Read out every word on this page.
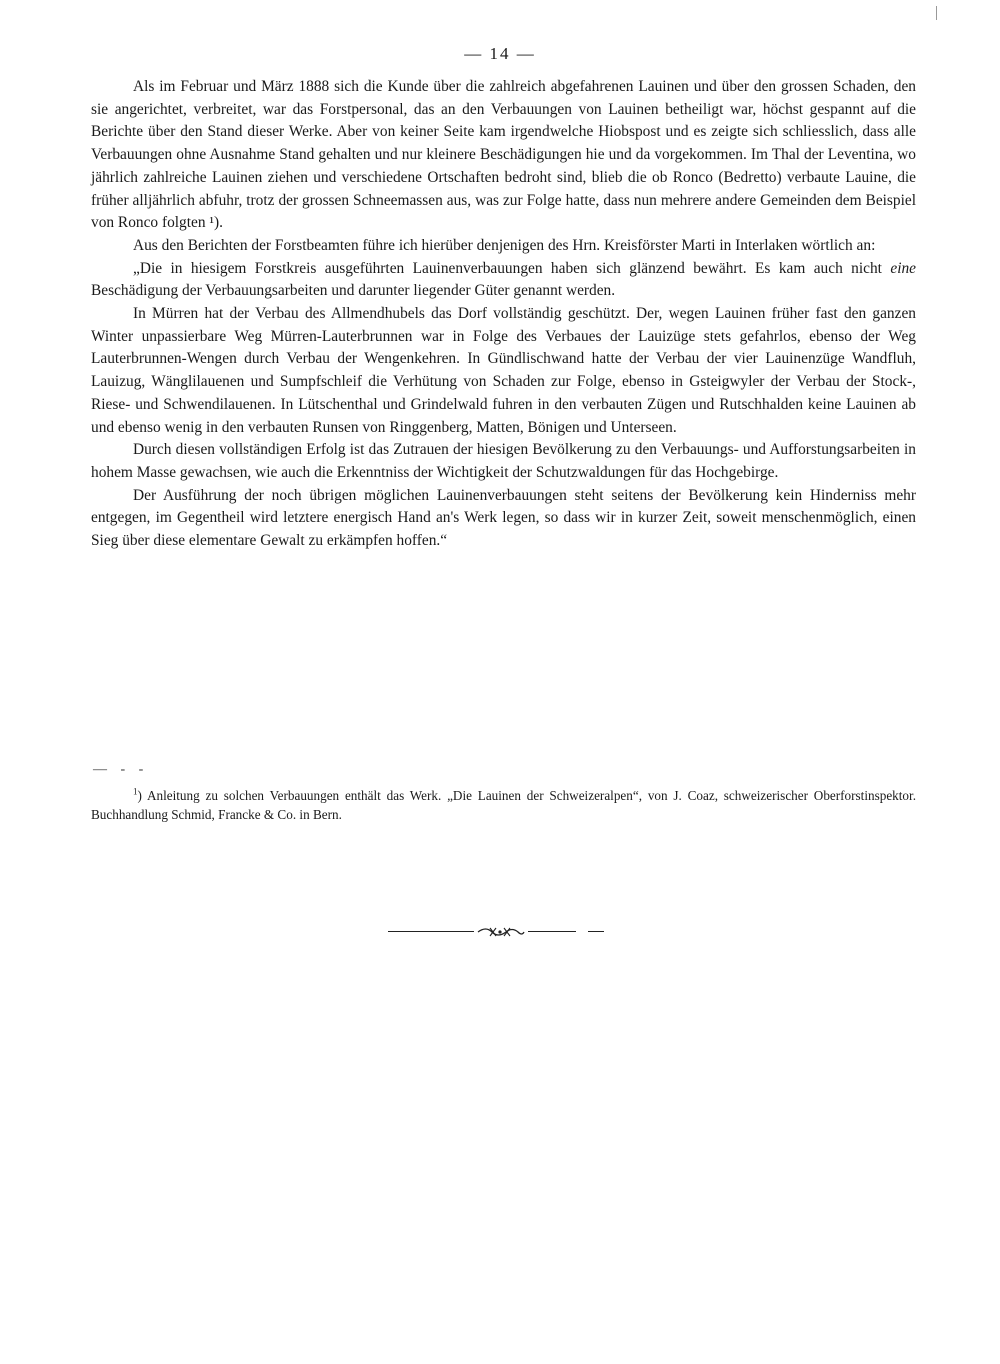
— 14 —

Als im Februar und März 1888 sich die Kunde über die zahlreich abgefahrenen Lauinen und über den grossen Schaden, den sie angerichtet, verbreitet, war das Forstpersonal, das an den Verbauungen von Lauinen betheiligt war, höchst gespannt auf die Berichte über den Stand dieser Werke. Aber von keiner Seite kam irgendwelche Hiobspost und es zeigte sich schliesslich, dass alle Verbauungen ohne Ausnahme Stand gehalten und nur kleinere Beschädigungen hie und da vorgekommen. Im Thal der Leventina, wo jährlich zahlreiche Lauinen ziehen und verschiedene Ortschaften bedroht sind, blieb die ob Ronco (Bedretto) verbaute Lauine, die früher alljährlich abfuhr, trotz der grossen Schneemassen aus, was zur Folge hatte, dass nun mehrere andere Gemeinden dem Beispiel von Ronco folgten ¹).

Aus den Berichten der Forstbeamten führe ich hierüber denjenigen des Hrn. Kreisförster Marti in Interlaken wörtlich an:

„Die in hiesigem Forstkreis ausgeführten Lauinenverbauungen haben sich glänzend bewährt. Es kam auch nicht eine Beschädigung der Verbauungsarbeiten und darunter liegender Güter genannt werden.

In Mürren hat der Verbau des Allmendhubels das Dorf vollständig geschützt. Der, wegen Lauinen früher fast den ganzen Winter unpassierbare Weg Mürren-Lauterbrunnen war in Folge des Verbaues der Lauizüge stets gefahrlos, ebenso der Weg Lauterbrunnen-Wengen durch Verbau der Wengenkehren. In Gündlischwand hatte der Verbau der vier Lauinenzüge Wandfluh, Lauizug, Wänglilauenen und Sumpfschleif die Verhütung von Schaden zur Folge, ebenso in Gsteigwyler der Verbau der Stock-, Riese- und Schwendilauenen. In Lütschenthal und Grindelwald fuhren in den verbauten Zügen und Rutschhalden keine Lauinen ab und ebenso wenig in den verbauten Runsen von Ringgenberg, Matten, Bönigen und Unterseen.

Durch diesen vollständigen Erfolg ist das Zutrauen der hiesigen Bevölkerung zu den Verbauungs- und Aufforstungsarbeiten in hohem Masse gewachsen, wie auch die Erkenntniss der Wichtigkeit der Schutzwaldungen für das Hochgebirge.

Der Ausführung der noch übrigen möglichen Lauinenverbauungen steht seitens der Bevölkerung kein Hinderniss mehr entgegen, im Gegentheil wird letztere energisch Hand an's Werk legen, so dass wir in kurzer Zeit, soweit menschenmöglich, einen Sieg über diese elementare Gewalt zu erkämpfen hoffen.“

— - -

$^1$) Anleitung zu solchen Verbauungen enthält das Werk. „Die Lauinen der Schweizeralpen“, von J. Coaz, schweizerischer Oberforstinspektor. Buchhandlung Schmid, Francke & Co. in Bern.
